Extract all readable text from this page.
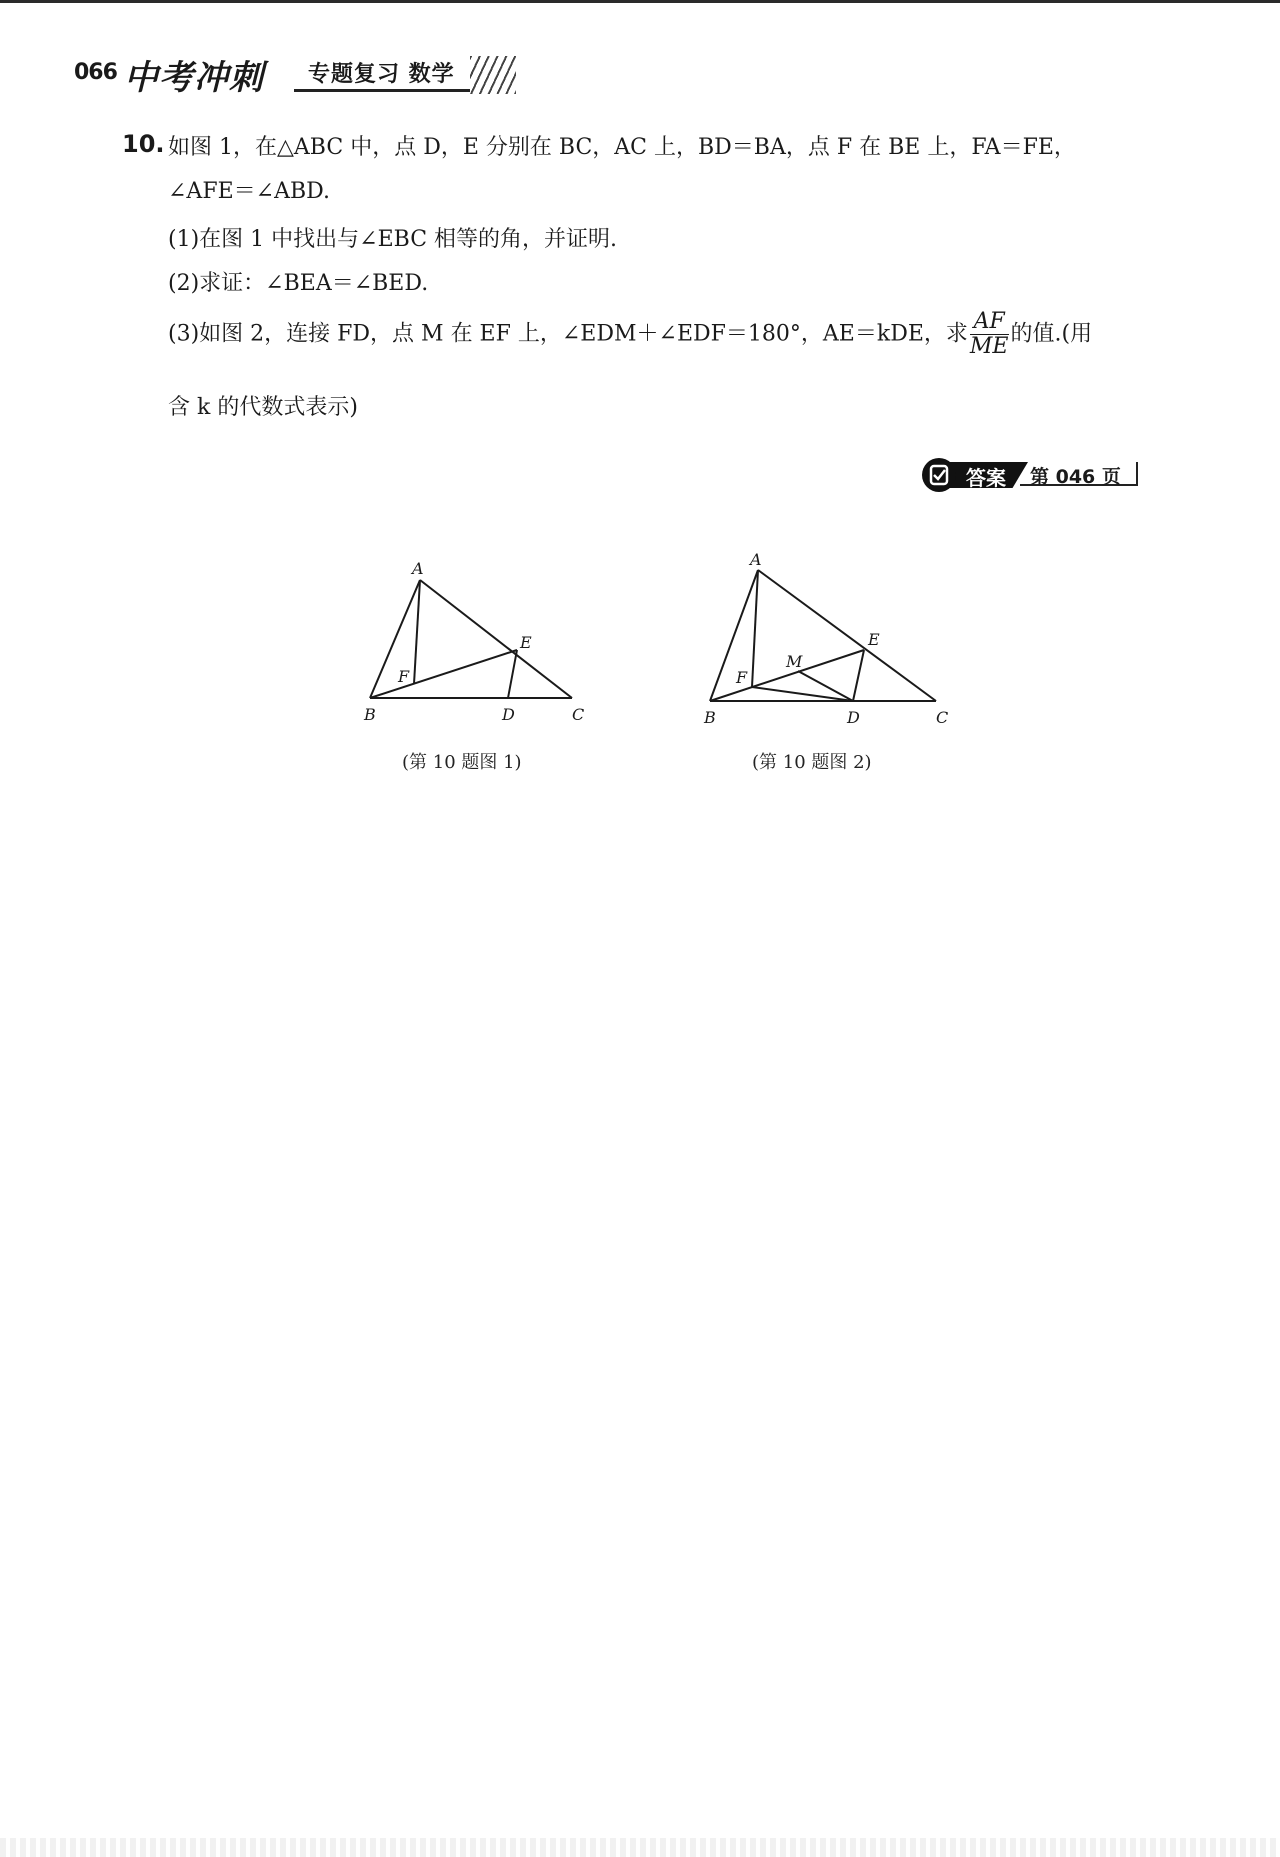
066 中考冲刺 专题复习 数学
10. 如图 1，在△ABC 中，点 D，E 分别在 BC，AC 上，BD＝BA，点 F 在 BE 上，FA＝FE，
∠AFE＝∠ABD.
(1)在图 1 中找出与∠EBC 相等的角，并证明.
(2)求证：∠BEA＝∠BED.
(3)如图 2，连接 FD，点 M 在 EF 上，∠EDM＋∠EDF＝180°，AE＝kDE，求 $\frac{AF}{ME}$ 的值.(用
含 k 的代数式表示)
答案	第 046 页
A
B	C
D
E
F
(第 10 题图 1)
A
B	C
D
E
F
M
(第 10 题图 2)
